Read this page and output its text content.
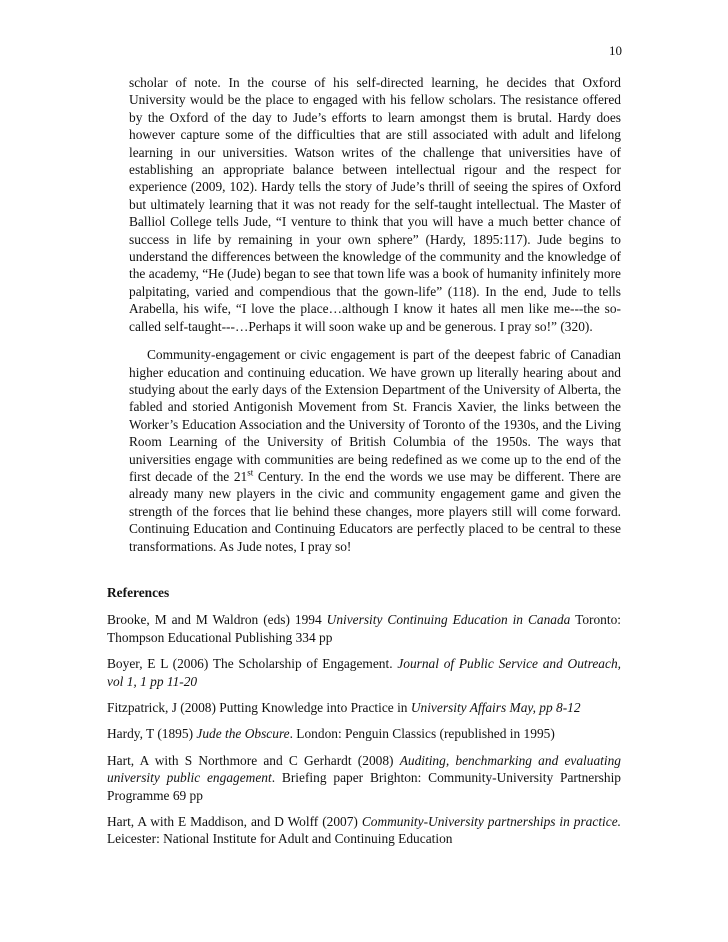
10

scholar of note. In the course of his self-directed learning, he decides that Oxford University would be the place to engaged with his fellow scholars. The resistance offered by the Oxford of the day to Jude’s efforts to learn amongst them is brutal. Hardy does however capture some of the difficulties that are still associated with adult and lifelong learning in our universities. Watson writes of the challenge that universities have of establishing an appropriate balance between intellectual rigour and the respect for experience (2009, 102). Hardy tells the story of Jude’s thrill of seeing the spires of Oxford but ultimately learning that it was not ready for the self-taught intellectual. The Master of Balliol College tells Jude, “I venture to think that you will have a much better chance of success in life by remaining in your own sphere” (Hardy, 1895:117). Jude begins to understand the differences between the knowledge of the community and the knowledge of the academy, “He (Jude) began to see that town life was a book of humanity infinitely more palpitating, varied and compendious that the gown-life” (118). In the end, Jude to tells Arabella, his wife, “I love the place…although I know it hates all men like me---the so-called self-taught---…Perhaps it will soon wake up and be generous. I pray so!” (320).

Community-engagement or civic engagement is part of the deepest fabric of Canadian higher education and continuing education. We have grown up literally hearing about and studying about the early days of the Extension Department of the University of Alberta, the fabled and storied Antigonish Movement from St. Francis Xavier, the links between the Worker’s Education Association and the University of Toronto of the 1930s, and the Living Room Learning of the University of British Columbia of the 1950s. The ways that universities engage with communities are being redefined as we come up to the end of the first decade of the 21st Century. In the end the words we use may be different. There are already many new players in the civic and community engagement game and given the strength of the forces that lie behind these changes, more players still will come forward. Continuing Education and Continuing Educators are perfectly placed to be central to these transformations. As Jude notes, I pray so!

References
Brooke, M and M Waldron (eds) 1994 University Continuing Education in Canada Toronto: Thompson Educational Publishing 334 pp
Boyer, E L (2006) The Scholarship of Engagement. Journal of Public Service and Outreach, vol 1, 1 pp 11-20
Fitzpatrick, J (2008) Putting Knowledge into Practice in University Affairs May, pp 8-12
Hardy, T (1895) Jude the Obscure. London: Penguin Classics (republished in 1995)
Hart, A with S Northmore and C Gerhardt (2008) Auditing, benchmarking and evaluating university public engagement. Briefing paper Brighton: Community-University Partnership Programme 69 pp
Hart, A with E Maddison, and D Wolff (2007) Community-University partnerships in practice. Leicester: National Institute for Adult and Continuing Education
